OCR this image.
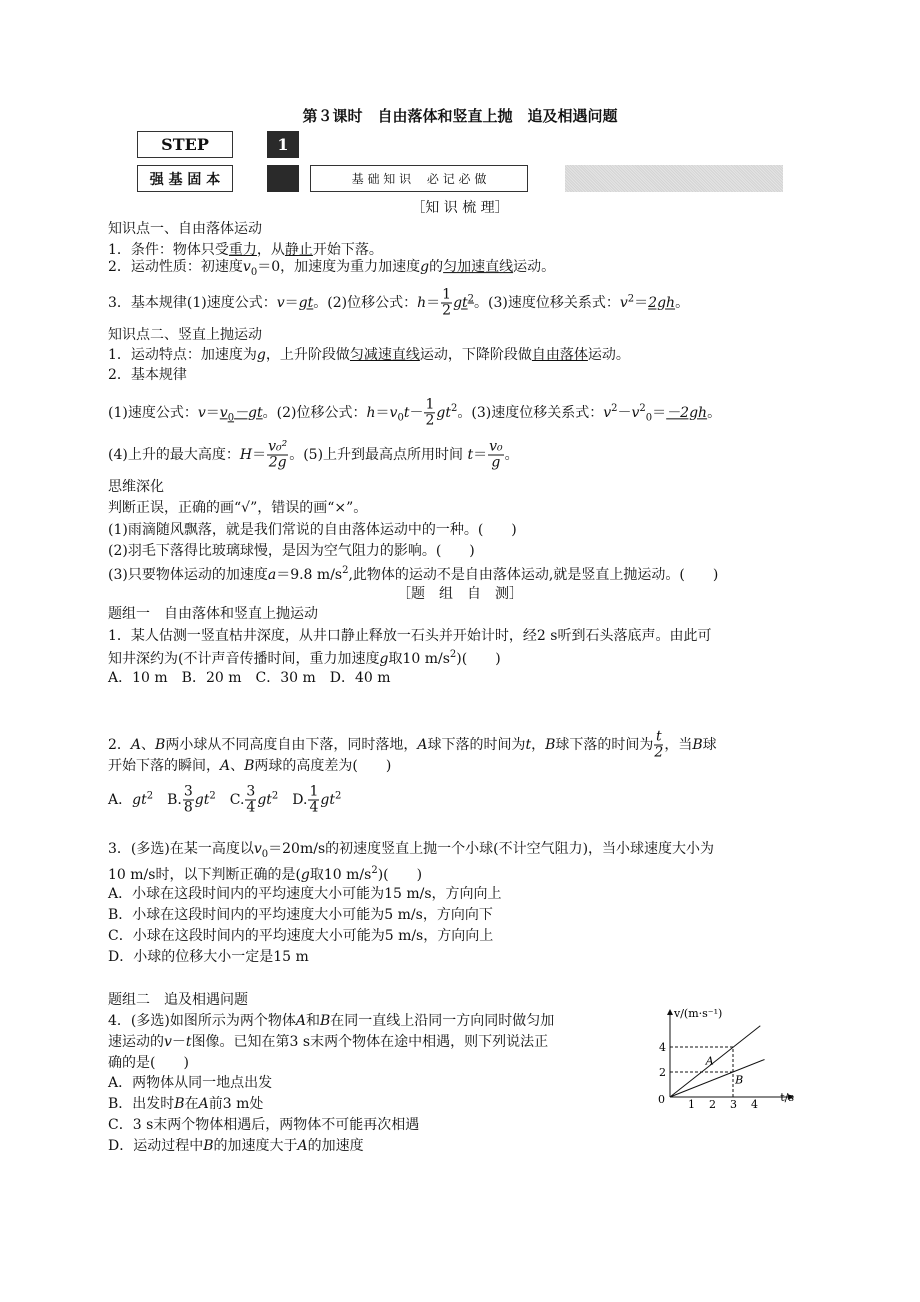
第３课时　自由落体和竖直上抛　追及相遇问题
STEP	1
强 基 固 本	基 础 知 识　 必 记 必 做
［知 识 梳 理］
知识点一、自由落体运动
1．条件：物体只受重力，从静止开始下落。
2．运动性质：初速度$v_0=0$，加速度为重力加速度g的匀加速直线运动。
3．基本规律(1)速度公式：v＝gt。(2)位移公式：$h= \frac{1}{2} gt^2$。(3)速度位移关系式：$v^2=2gh$。
知识点二、竖直上抛运动
1．运动特点：加速度为g，上升阶段做匀减速直线运动，下降阶段做自由落体运动。
2．基本规律
(1)速度公式：$v=v_0-gt$。(2)位移公式：$h=v_0t- \frac{1}{2} gt^2$。(3)速度位移关系式：$v^2-v^2_0=-2gh$。
(4)上升的最大高度：$H= \frac{\text{v₀²}}{2g}$ 。(5)上升到最高点所用时间 $t= \frac{\text{v₀}}{g}$ 。
思维深化
判断正误，正确的画“√”，错误的画“×”。
(1)雨滴随风飘落，就是我们常说的自由落体运动中的一种。(　　)
(2)羽毛下落得比玻璃球慢，是因为空气阻力的影响。(　　)
(3)只要物体运动的加速度a＝9.8 $m/s^2$,此物体的运动不是自由落体运动,就是竖直上抛运动。(　　)
［题　组　自　测］
题组一　自由落体和竖直上抛运动
1．某人估测一竖直枯井深度，从井口静止释放一石头并开始计时，经2 s听到石头落底声。由此可
知井深约为(不计声音传播时间，重力加速度g取10 $m/s^2$)(　　)
A．10 m　B．20 m　C．30 m　D．40 m
2．A、B两小球从不同高度自由下落，同时落地，A球下落的时间为t，B球下落的时间为 $\frac{t}{2}$ ，当B球
开始下落的瞬间，A、B两球的高度差为(　　)
A．$gt^2$　B. $\frac{3}{8} gt^2$　C. $\frac{3}{4} gt^2$　D. $\frac{1}{4} gt^2$
3．(多选)在某一高度以$v_0=20m/s$的初速度竖直上抛一个小球(不计空气阻力)，当小球速度大小为
10 m/s时，以下判断正确的是(g取10 $m/s^2$)(　　)
A．小球在这段时间内的平均速度大小可能为15 m/s，方向向上
B．小球在这段时间内的平均速度大小可能为5 m/s，方向向下
C．小球在这段时间内的平均速度大小可能为5 m/s，方向向上
D．小球的位移大小一定是15 m
题组二　追及相遇问题
4．(多选)如图所示为两个物体A和B在同一直线上沿同一方向同时做匀加
速运动的v－t图像。已知在第3 s末两个物体在途中相遇，则下列说法正
确的是(　　)
A．两物体从同一地点出发
B．出发时B在A前3 m处
C．3 s末两个物体相遇后，两物体不可能再次相遇
D．运动过程中B的加速度大于A的加速度
v/(m·s⁻¹)
t/s
0 1 2 3 4
2
4
A
B
